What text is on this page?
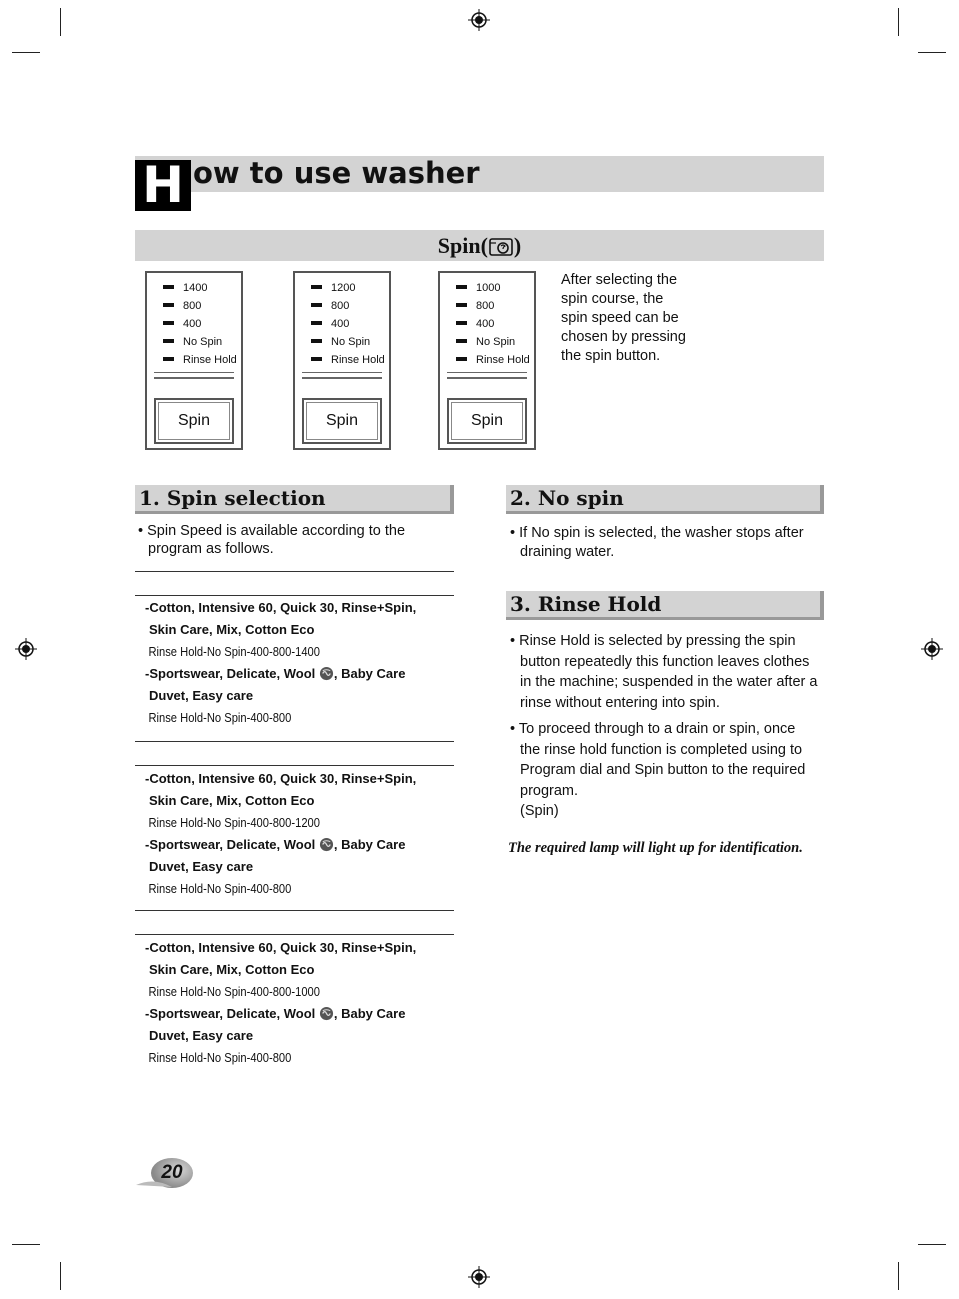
H ow to use washer
Spin( )
1400
800
400
No Spin
Rinse Hold
Spin
1200
800
400
No Spin
Rinse Hold
Spin
1000
800
400
No Spin
Rinse Hold
Spin
After selecting the
spin course, the
spin speed can be
chosen by pressing
the spin button.
1. Spin selection

• Spin Speed is available according to the
program as follows.

-Cotton, Intensive 60, Quick 30, Rinse+Spin,
Skin Care, Mix, Cotton Eco
Rinse Hold-No Spin-400-800-1400
-Sportswear, Delicate, Wool , Baby Care
Duvet, Easy care
Rinse Hold-No Spin-400-800
-Cotton, Intensive 60, Quick 30, Rinse+Spin,
Skin Care, Mix, Cotton Eco
Rinse Hold-No Spin-400-800-1200
-Sportswear, Delicate, Wool , Baby Care
Duvet, Easy care
Rinse Hold-No Spin-400-800
-Cotton, Intensive 60, Quick 30, Rinse+Spin,
Skin Care, Mix, Cotton Eco
Rinse Hold-No Spin-400-800-1000
-Sportswear, Delicate, Wool , Baby Care
Duvet, Easy care
Rinse Hold-No Spin-400-800
2. No spin

• If No spin is selected, the washer stops after
draining water.

3. Rinse Hold

• Rinse Hold is selected by pressing the spin
button repeatedly this function leaves clothes
in the machine; suspended in the water after a
rinse without entering into spin.

• To proceed through to a drain or spin, once
the rinse hold function is completed using to
Program dial and Spin button to the required
program.
(Spin)

The required lamp will light up for identification.
20
